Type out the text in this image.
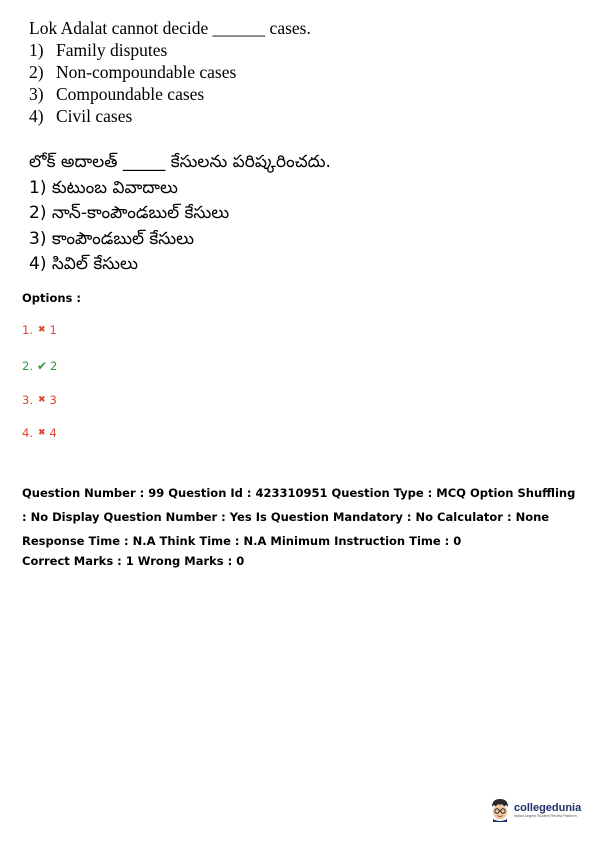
Lok Adalat cannot decide ______ cases.
1) Family disputes
2) Non-compoundable cases
3) Compoundable cases
4) Civil cases
లోక్ అదాలత్ _____ కేసులను పరిష్కరించదు.
1) కుటుంబ వివాదాలు
2) నాన్-కాంపౌండబుల్ కేసులు
3) కాంపౌండబుల్ కేసులు
4) సివిల్ కేసులు
Options :
1. ✖ 1
2. ✔ 2
3. ✖ 3
4. ✖ 4
Question Number : 99 Question Id : 423310951 Question Type : MCQ Option Shuffling : No Display Question Number : Yes Is Question Mandatory : No Calculator : None Response Time : N.A Think Time : N.A Minimum Instruction Time : 0
Correct Marks : 1 Wrong Marks : 0
collegedunia
India's largest Student Review Platform
